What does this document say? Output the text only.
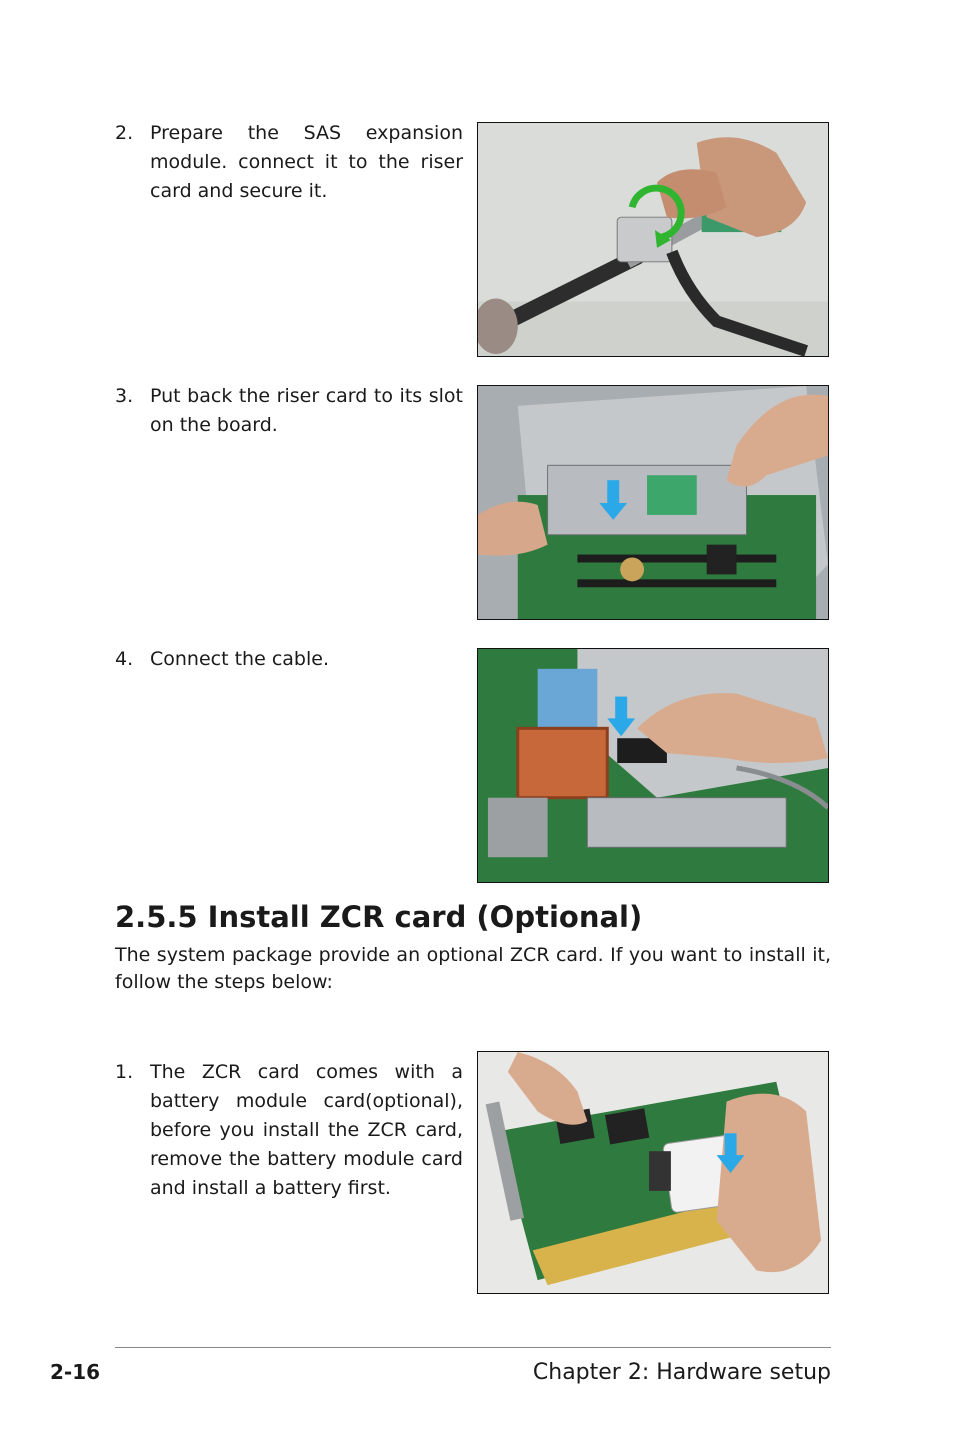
2. Prepare the SAS expansion module. connect it to the riser card and secure it.
3. Put back the riser card to its slot on the board.
4. Connect the cable.
2.5.5 Install ZCR card (Optional)

The system package provide an optional ZCR card. If you want to install it, follow the steps below:

1. The ZCR card comes with a battery module card(optional), before you install the ZCR card, remove the battery module card and install a battery first.
2-16	Chapter 2: Hardware setup
